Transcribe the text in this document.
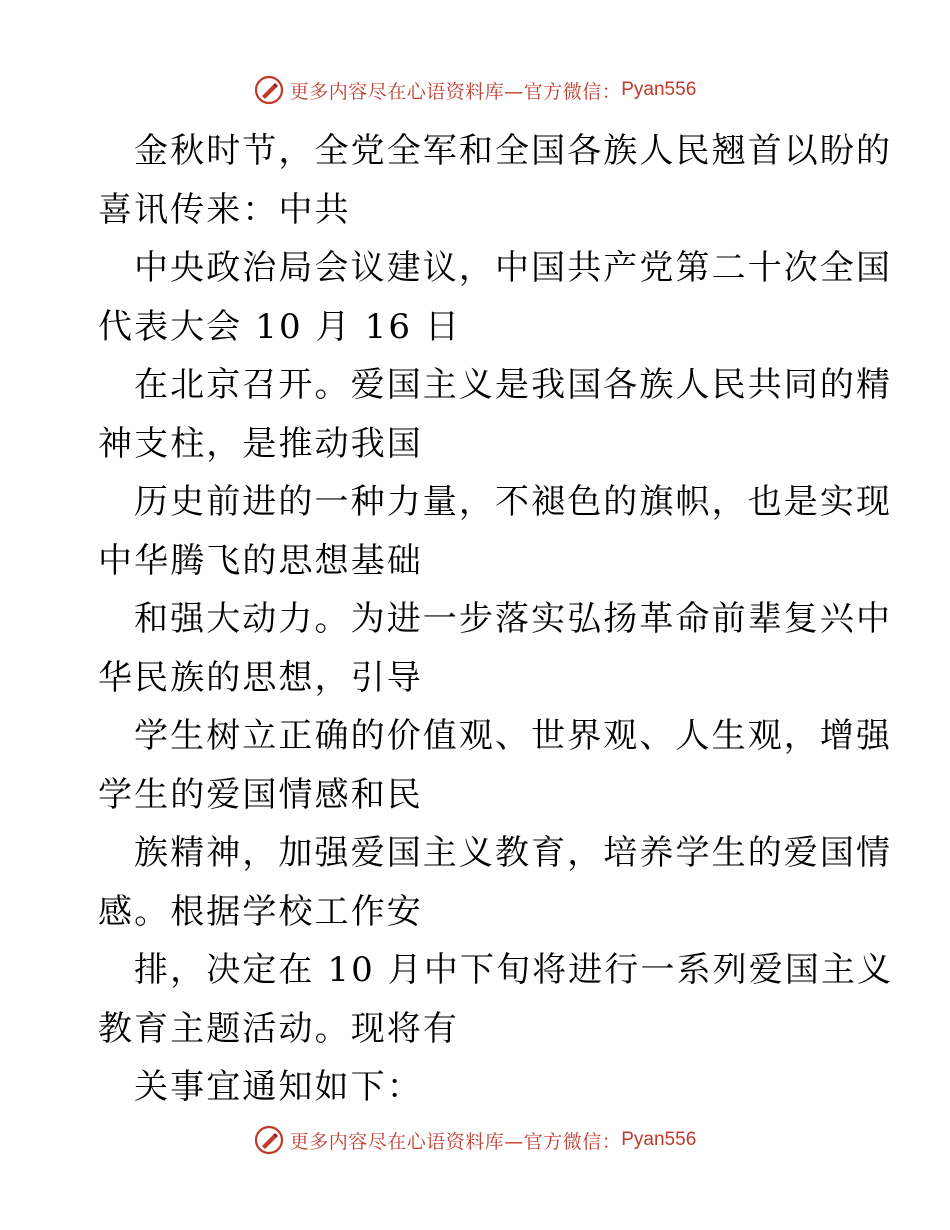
更多内容尽在心语资料库—官方微信： Pyan556
金秋时节，全党全军和全国各族人民翘首以盼的
喜讯传来：中共
中央政治局会议建议，中国共产党第二十次全国
代表大会 10 月 16 日
在北京召开。爱国主义是我国各族人民共同的精
神支柱，是推动我国
历史前进的一种力量，不褪色的旗帜，也是实现
中华腾飞的思想基础
和强大动力。为进一步落实弘扬革命前辈复兴中
华民族的思想，引导
学生树立正确的价值观、世界观、人生观，增强
学生的爱国情感和民
族精神，加强爱国主义教育，培养学生的爱国情
感。根据学校工作安
排，决定在 10 月中下旬将进行一系列爱国主义
教育主题活动。现将有
关事宜通知如下：
更多内容尽在心语资料库—官方微信： Pyan556
